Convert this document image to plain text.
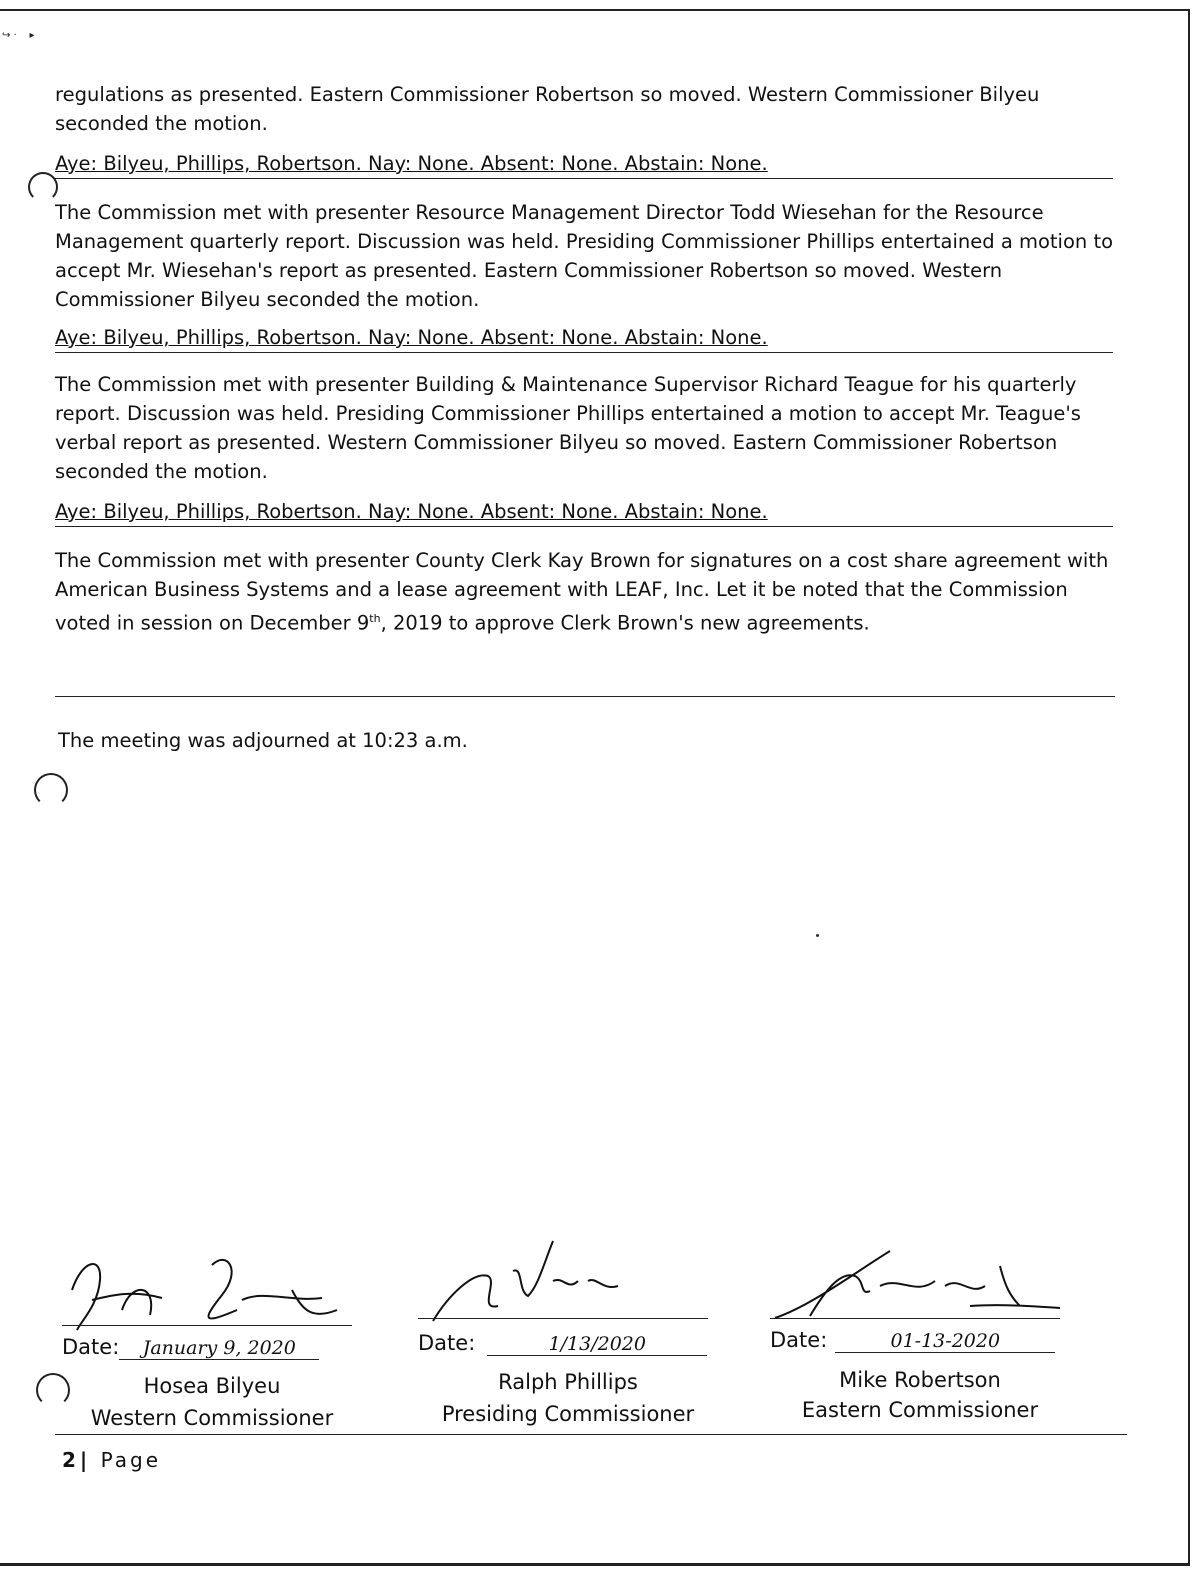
↪ ·    ▸

regulations as presented. Eastern Commissioner Robertson so moved. Western Commissioner Bilyeu seconded the motion.

Aye: Bilyeu, Phillips, Robertson. Nay: None. Absent: None. Abstain: None.

The Commission met with presenter Resource Management Director Todd Wiesehan for the Resource Management quarterly report. Discussion was held. Presiding Commissioner Phillips entertained a motion to accept Mr. Wiesehan's report as presented. Eastern Commissioner Robertson so moved. Western Commissioner Bilyeu seconded the motion.

Aye: Bilyeu, Phillips, Robertson. Nay: None. Absent: None. Abstain: None.

The Commission met with presenter Building & Maintenance Supervisor Richard Teague for his quarterly report. Discussion was held. Presiding Commissioner Phillips entertained a motion to accept Mr. Teague's verbal report as presented. Western Commissioner Bilyeu so moved. Eastern Commissioner Robertson seconded the motion.

Aye: Bilyeu, Phillips, Robertson. Nay: None. Absent: None. Abstain: None.

The Commission met with presenter County Clerk Kay Brown for signatures on a cost share agreement with American Business Systems and a lease agreement with LEAF, Inc. Let it be noted that the Commission voted in session on December 9th, 2019 to approve Clerk Brown's new agreements.

The meeting was adjourned at 10:23 a.m.
Date: January 9, 2020
Hosea Bilyeu
Western Commissioner
Date:	1/13/2020
Ralph Phillips
Presiding Commissioner
Date:	01-13-2020
Mike Robertson
Eastern Commissioner
2 | Page
